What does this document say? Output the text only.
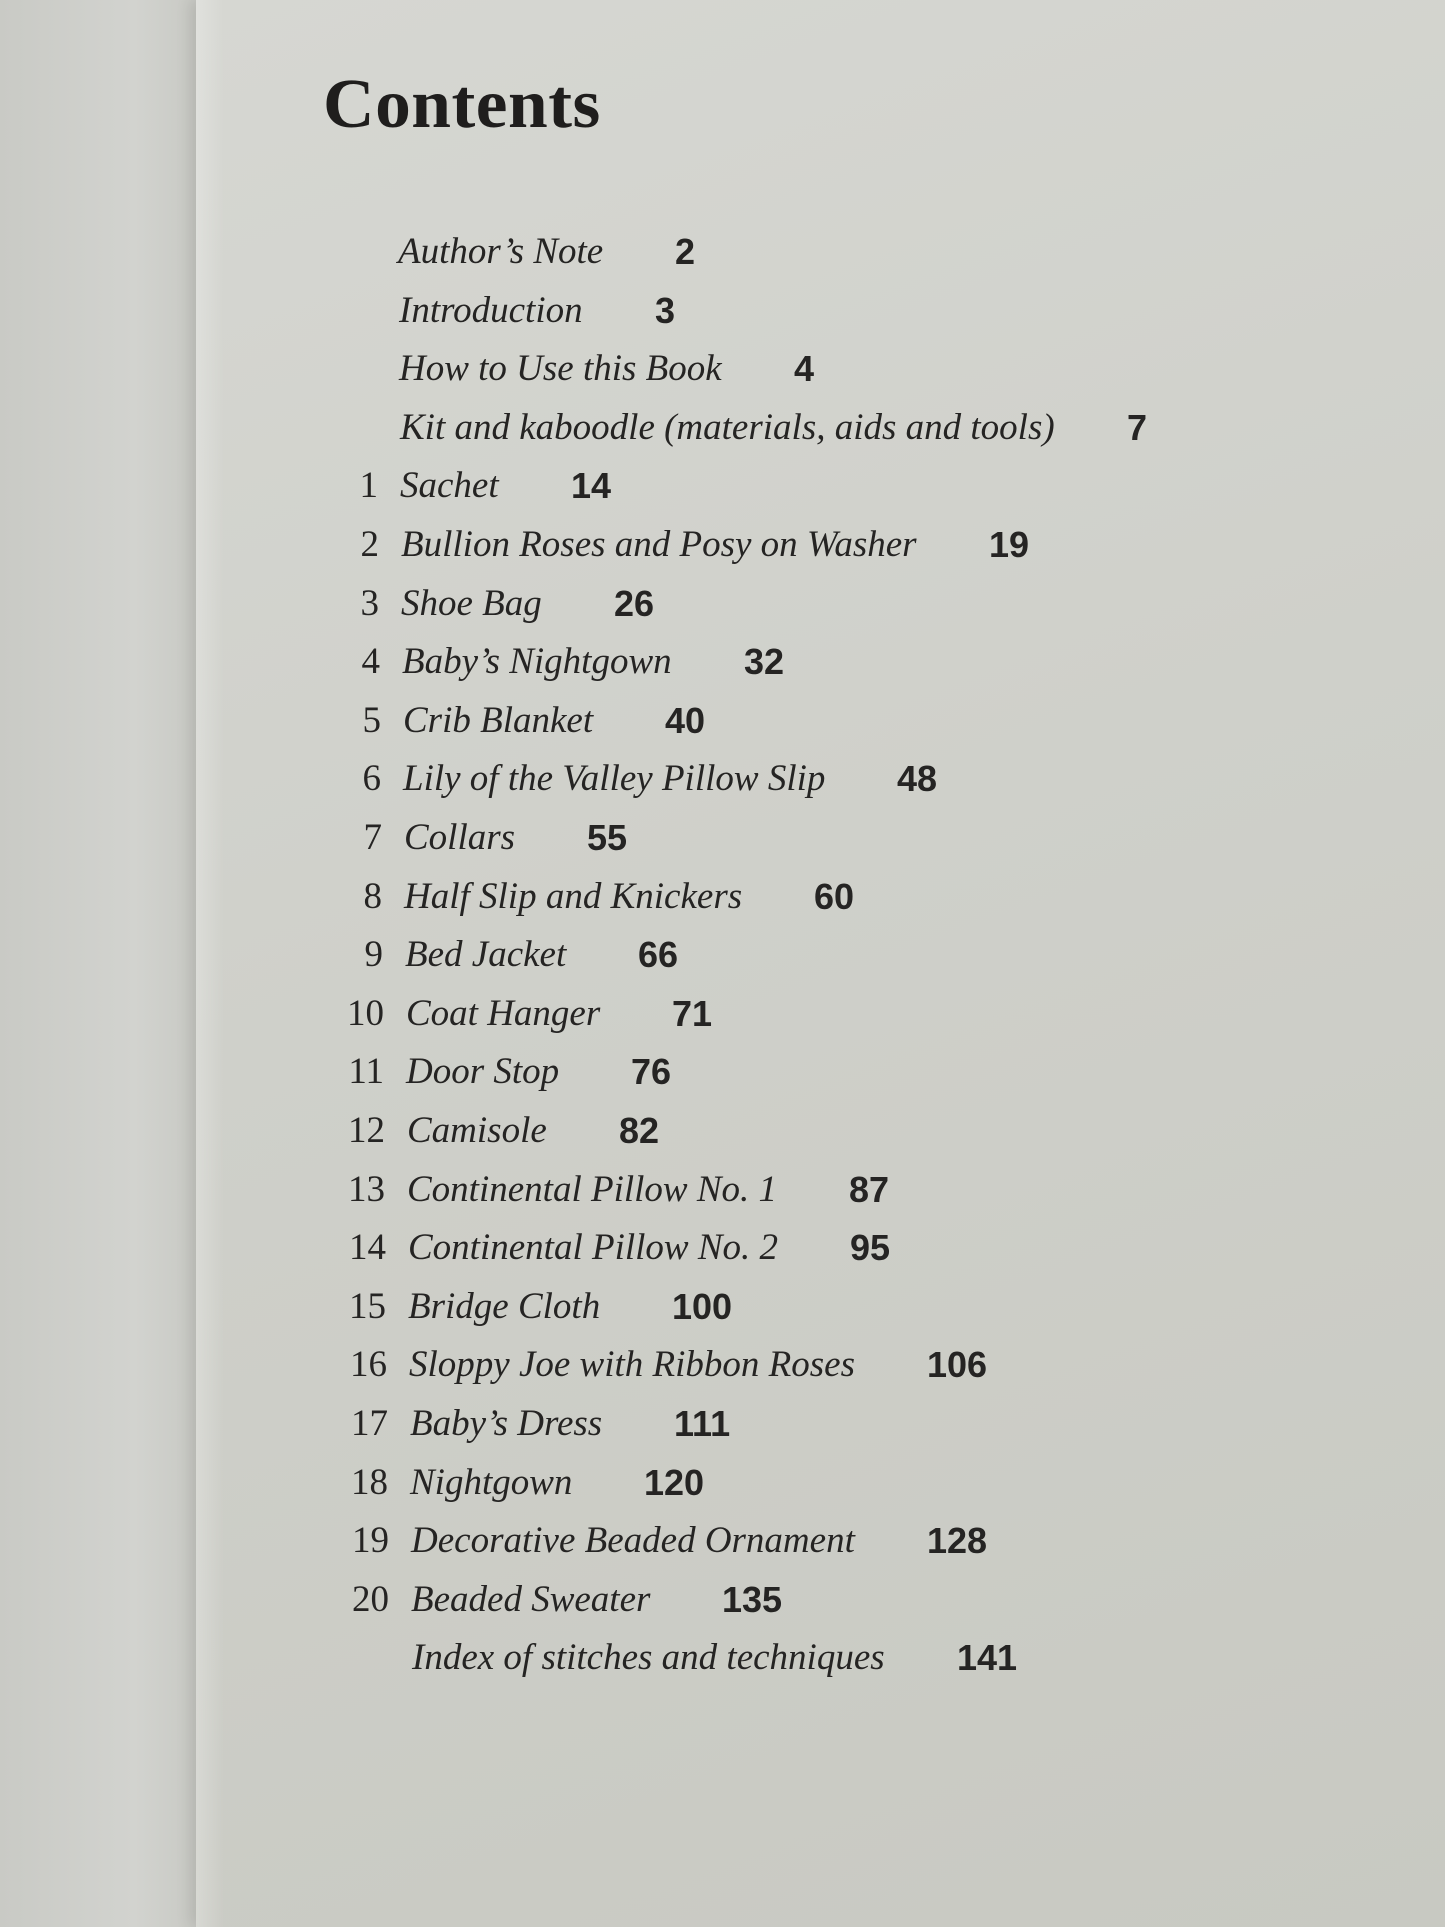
Contents
Author’s Note 2
Introduction 3
How to Use this Book 4
Kit and kaboodle (materials, aids and tools) 7
1 Sachet 14
2 Bullion Roses and Posy on Washer 19
3 Shoe Bag 26
4 Baby’s Nightgown 32
5 Crib Blanket 40
6 Lily of the Valley Pillow Slip 48
7 Collars 55
8 Half Slip and Knickers 60
9 Bed Jacket 66
10 Coat Hanger 71
11 Door Stop 76
12 Camisole 82
13 Continental Pillow No. 1 87
14 Continental Pillow No. 2 95
15 Bridge Cloth 100
16 Sloppy Joe with Ribbon Roses 106
17 Baby’s Dress 111
18 Nightgown 120
19 Decorative Beaded Ornament 128
20 Beaded Sweater 135
Index of stitches and techniques 141
